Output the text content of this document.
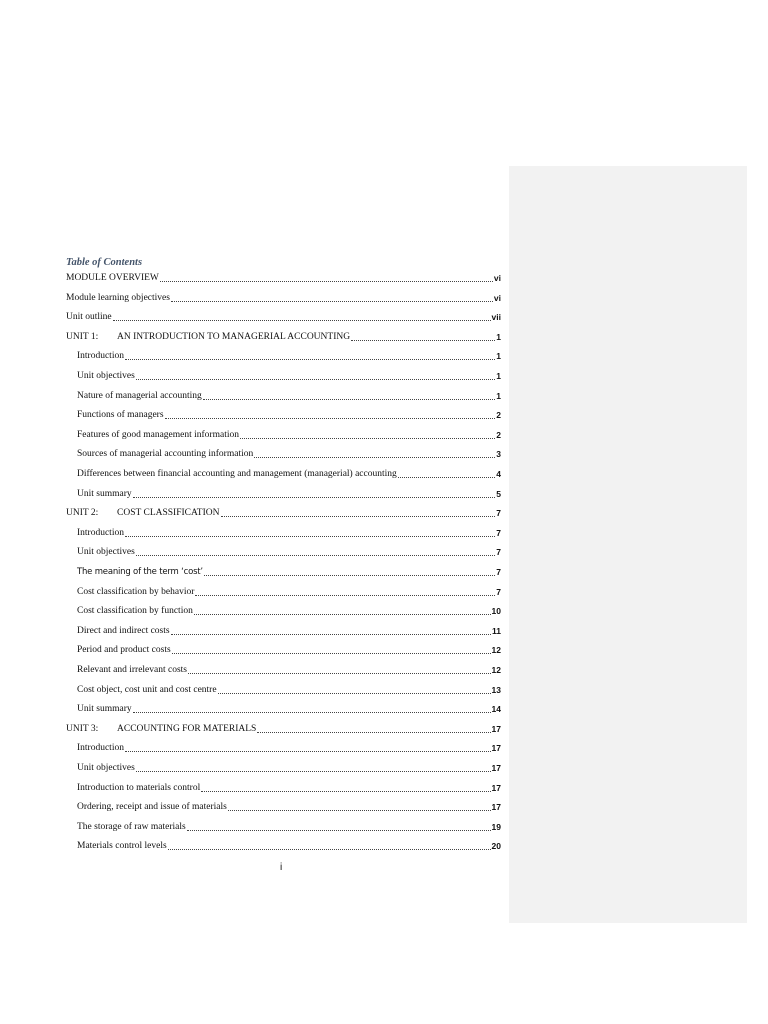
Table of Contents
MODULE OVERVIEW	vi
Module learning objectives	vi
Unit outline	vii
UNIT 1:	AN INTRODUCTION TO MANAGERIAL ACCOUNTING	1
Introduction	1
Unit objectives	1
Nature of managerial accounting	1
Functions of managers	2
Features of good management information	2
Sources of managerial accounting information	3
Differences between financial accounting and management (managerial) accounting	4
Unit summary	5
UNIT 2:	COST CLASSIFICATION	7
Introduction	7
Unit objectives	7
The meaning of the term ‘cost’	7
Cost classification by behavior	7
Cost classification by function	10
Direct and indirect costs	11
Period and product costs	12
Relevant and irrelevant costs	12
Cost object, cost unit and cost centre	13
Unit summary	14
UNIT 3:	ACCOUNTING FOR MATERIALS	17
Introduction	17
Unit objectives	17
Introduction to materials control	17
Ordering, receipt and issue of materials	17
The storage of raw materials	19
Materials control levels	20
i
